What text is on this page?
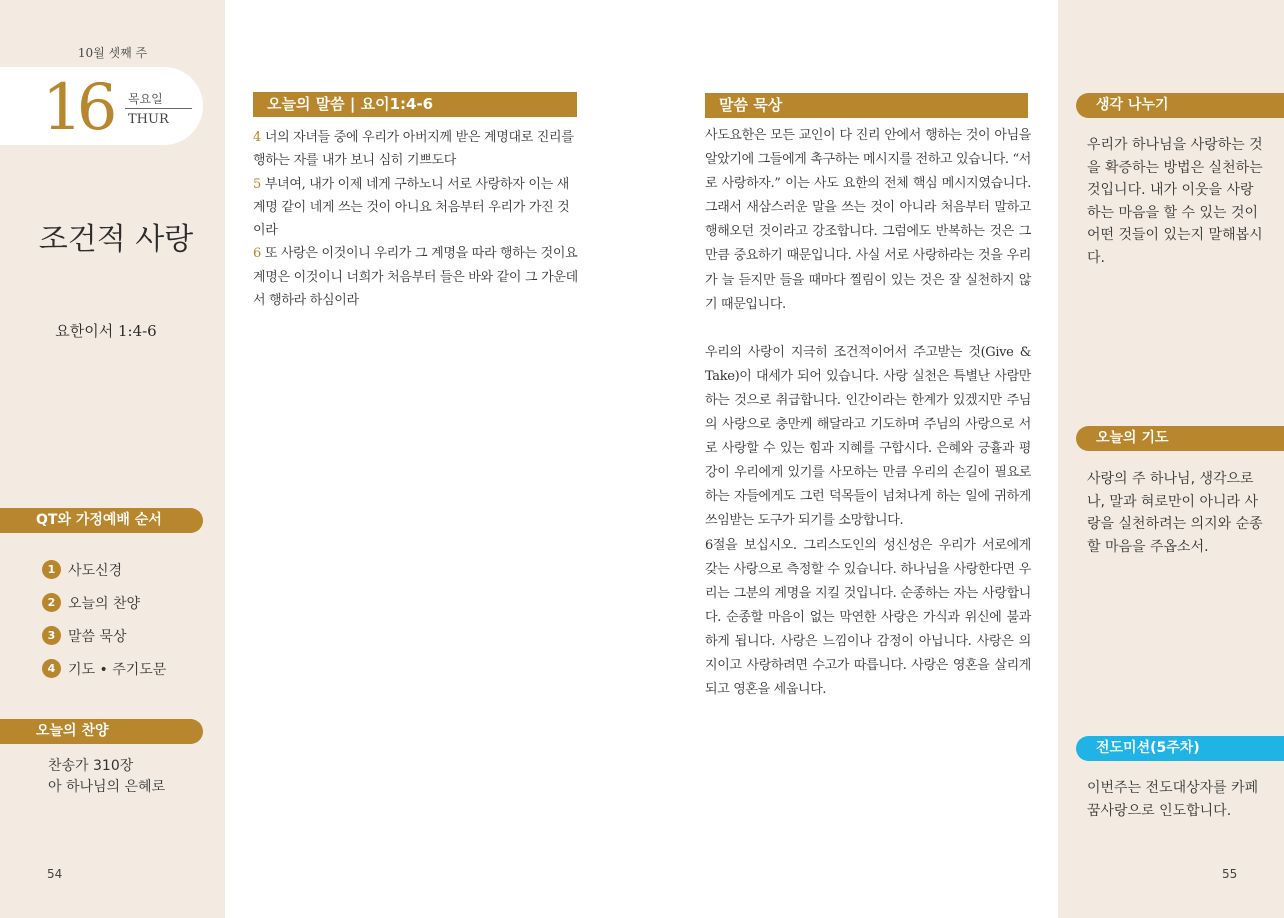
10월 셋째 주
16 목요일
THUR
조건적 사랑
요한이서 1:4-6
QT와 가정예배 순서
1 사도신경
2 오늘의 찬양
3 말씀 묵상
4 기도 • 주기도문
오늘의 찬양
찬송가 310장
아 하나님의 은혜로
54
오늘의 말씀 | 요이1:4-6
4 너의 자녀들 중에 우리가 아버지께 받은 계명대로 진리를 행하는 자를 내가 보니 심히 기쁘도다
5 부녀여, 내가 이제 네게 구하노니 서로 사랑하자 이는 새 계명 같이 네게 쓰는 것이 아니요 처음부터 우리가 가진 것이라
6 또 사랑은 이것이니 우리가 그 계명을 따라 행하는 것이요 계명은 이것이니 너희가 처음부터 들은 바와 같이 그 가운데서 행하라 하심이라
말씀 묵상

사도요한은 모든 교인이 다 진리 안에서 행하는 것이 아님을 알았기에 그들에게 촉구하는 메시지를 전하고 있습니다. “서로 사랑하자.” 이는 사도 요한의 전체 핵심 메시지였습니다. 그래서 새삼스러운 말을 쓰는 것이 아니라 처음부터 말하고 행해오던 것이라고 강조합니다. 그럼에도 반복하는 것은 그만큼 중요하기 때문입니다. 사실 서로 사랑하라는 것을 우리가 늘 듣지만 들을 때마다 찔림이 있는 것은 잘 실천하지 않기 때문입니다.

우리의 사랑이 지극히 조건적이어서 주고받는 것(Give & Take)이 대세가 되어 있습니다. 사랑 실천은 특별난 사람만 하는 것으로 취급합니다. 인간이라는 한계가 있겠지만 주님의 사랑으로 충만케 해달라고 기도하며 주님의 사랑으로 서로 사랑할 수 있는 힘과 지혜를 구합시다. 은혜와 긍휼과 평강이 우리에게 있기를 사모하는 만큼 우리의 손길이 필요로 하는 자들에게도 그런 덕목들이 넘쳐나게 하는 일에 귀하게 쓰임받는 도구가 되기를 소망합니다.

6절을 보십시오. 그리스도인의 성신성은 우리가 서로에게 갖는 사랑으로 측정할 수 있습니다. 하나님을 사랑한다면 우리는 그분의 계명을 지킬 것입니다. 순종하는 자는 사랑합니다. 순종할 마음이 없는 막연한 사랑은 가식과 위신에 불과하게 됩니다. 사랑은 느낌이나 감정이 아닙니다. 사랑은 의지이고 사랑하려면 수고가 따릅니다. 사랑은 영혼을 살리게 되고 영혼을 세웁니다.

생각 나누기
우리가 하나님을 사랑하는 것을 확증하는 방법은 실천하는 것입니다. 내가 이웃을 사랑하는 마음을 할 수 있는 것이 어떤 것들이 있는지 말해봅시다.
오늘의 기도
사랑의 주 하나님, 생각으로나, 말과 혀로만이 아니라 사랑을 실천하려는 의지와 순종할 마음을 주옵소서.
전도미션(5주차)
이번주는 전도대상자를 카페꿈사랑으로 인도합니다.
55
